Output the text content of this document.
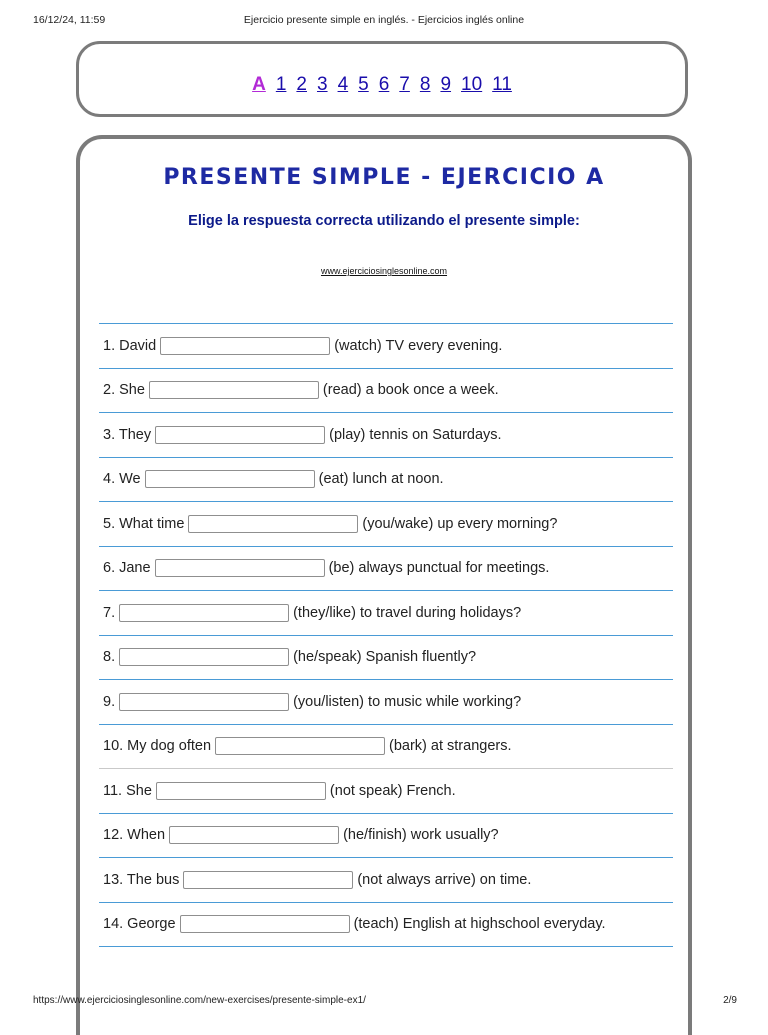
16/12/24, 11:59	Ejercicio presente simple en inglés. - Ejercicios inglés online
A 1 2 3 4 5 6 7 8 9 10 11
PRESENTE SIMPLE - EJERCICIO A
Elige la respuesta correcta utilizando el presente simple:
www.ejerciciosinglesonline.com
1. David	(watch) TV every evening.
2. She	(read) a book once a week.
3. They	(play) tennis on Saturdays.
4. We	(eat) lunch at noon.
5. What time	(you/wake) up every morning?
6. Jane	(be) always punctual for meetings.
7.	(they/like) to travel during holidays?
8.	(he/speak) Spanish fluently?
9.	(you/listen) to music while working?
10. My dog often	(bark) at strangers.
11. She	(not speak) French.
12. When	(he/finish) work usually?
13. The bus	(not always arrive) on time.
14. George	(teach) English at highschool everyday.
https://www.ejerciciosinglesonline.com/new-exercises/presente-simple-ex1/	2/9
